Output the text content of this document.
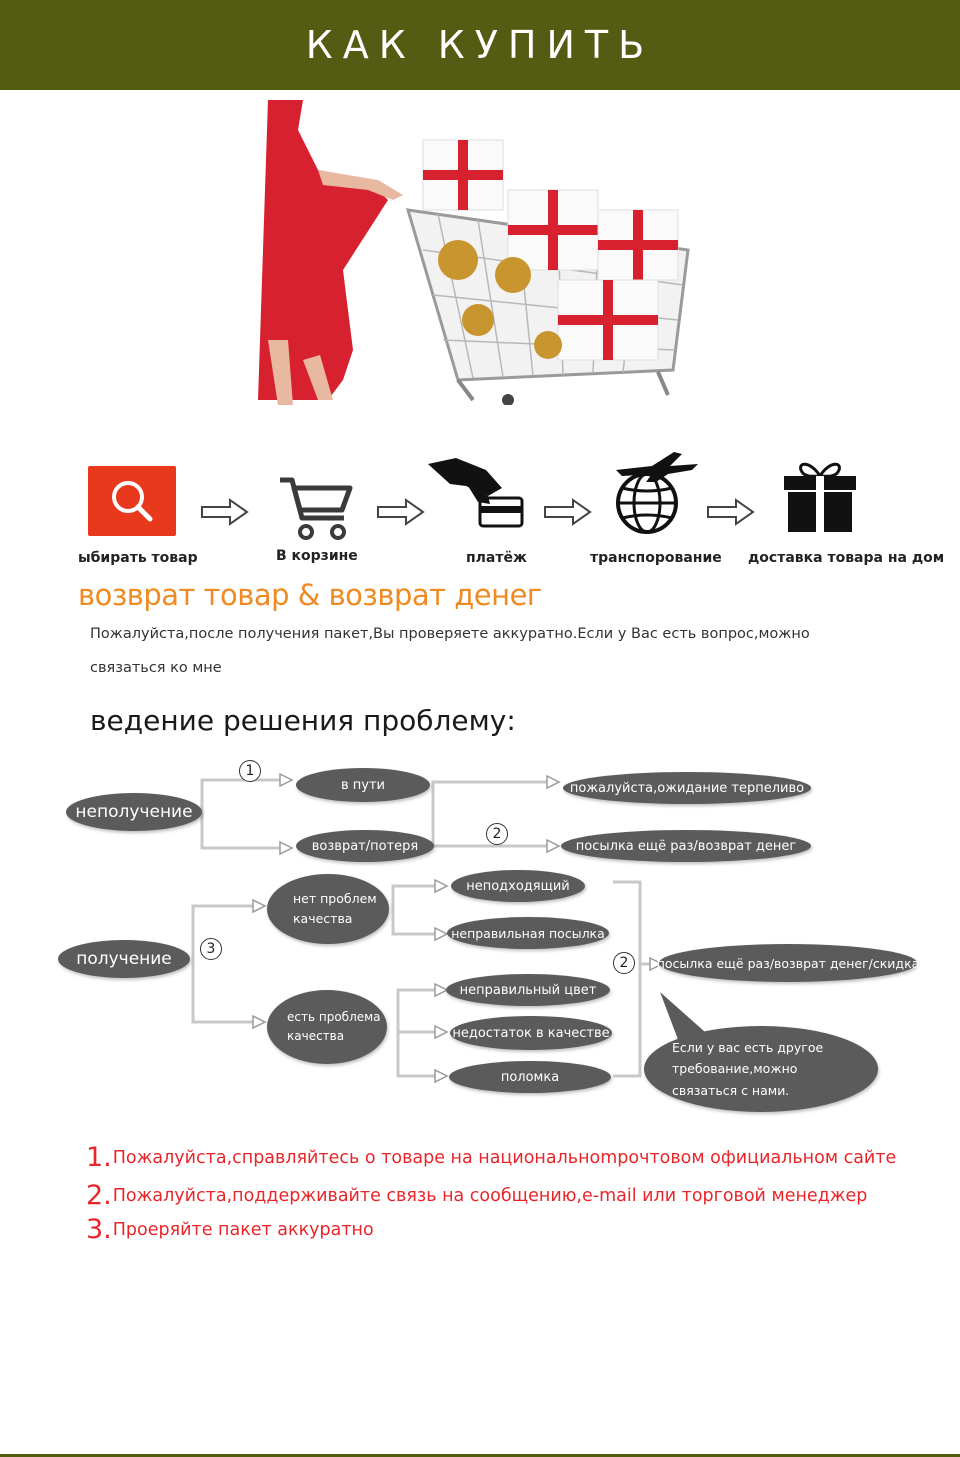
КАК КУПИТЬ
ыбирать товар	В корзине	платёж	транспорование доставка товара на дом
возврат товар & возврат денег
Пожалуйста,после получения пакет,Вы проверяете аккуратно.Если у Вас есть вопрос,можно
связаться ко мне
ведение решения проблему:
1
2
3
2
неполучение
в пути
возврат/потеря
пожалуйста,ожидание терпеливо
посылка ещё раз/возврат денег
получение
нет проблем качества
есть проблема качества
неподходящий
неправильная посылка
неправильный цвет
недостаток в качестве
поломка
посылка ещё раз/возврат денег/скидка
Если у вас есть другое требование,можно связаться с нами.
1.Пожалуйста,справляйтесь о товаре на национальнompочтовом официальном сайте
2.Пожалуйста,поддерживайте связь на сообщению,e-mail или торговой менеджер
3.Проеряйте пакет аккуратно
